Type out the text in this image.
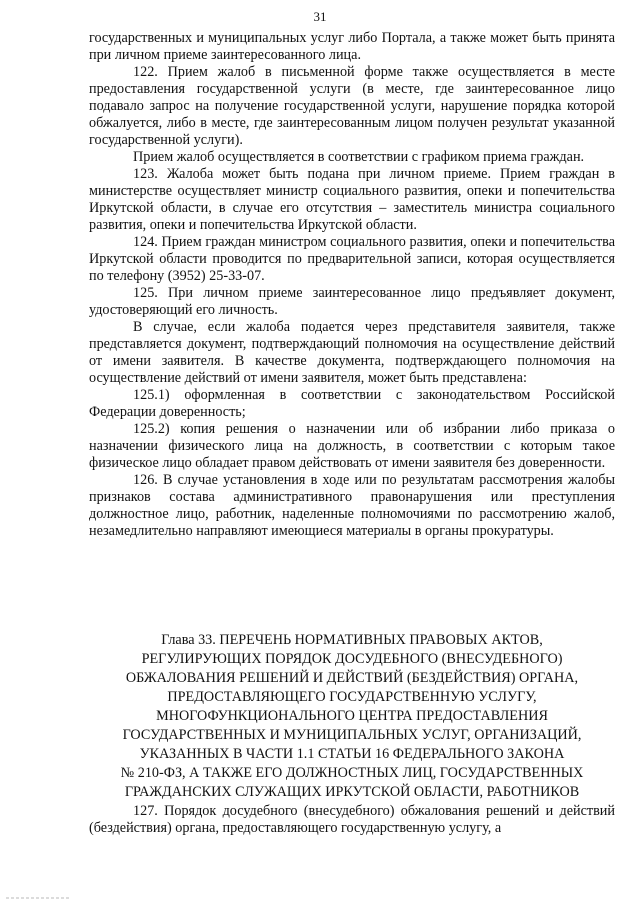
31

государственных и муниципальных услуг либо Портала, а также может быть принята при личном приеме заинтересованного лица.

122. Прием жалоб в письменной форме также осуществляется в месте предоставления государственной услуги (в месте, где заинтересованное лицо подавало запрос на получение государственной услуги, нарушение порядка которой обжалуется, либо в месте, где заинтересованным лицом получен результат указанной государственной услуги).

Прием жалоб осуществляется в соответствии с графиком приема граждан.

123. Жалоба может быть подана при личном приеме. Прием граждан в министерстве осуществляет министр социального развития, опеки и попечительства Иркутской области, в случае его отсутствия – заместитель министра социального развития, опеки и попечительства Иркутской области.

124. Прием граждан министром социального развития, опеки и попечительства Иркутской области проводится по предварительной записи, которая осуществляется по телефону (3952) 25-33-07.

125. При личном приеме заинтересованное лицо предъявляет документ, удостоверяющий его личность.

В случае, если жалоба подается через представителя заявителя, также представляется документ, подтверждающий полномочия на осуществление действий от имени заявителя. В качестве документа, подтверждающего полномочия на осуществление действий от имени заявителя, может быть представлена:

125.1) оформленная в соответствии с законодательством Российской Федерации доверенность;

125.2) копия решения о назначении или об избрании либо приказа о назначении физического лица на должность, в соответствии с которым такое физическое лицо обладает правом действовать от имени заявителя без доверенности.

126. В случае установления в ходе или по результатам рассмотрения жалобы признаков состава административного правонарушения или преступления должностное лицо, работник, наделенные полномочиями по рассмотрению жалоб, незамедлительно направляют имеющиеся материалы в органы прокуратуры.

Глава 33. ПЕРЕЧЕНЬ НОРМАТИВНЫХ ПРАВОВЫХ АКТОВ,
РЕГУЛИРУЮЩИХ ПОРЯДОК ДОСУДЕБНОГО (ВНЕСУДЕБНОГО)
ОБЖАЛОВАНИЯ РЕШЕНИЙ И ДЕЙСТВИЙ (БЕЗДЕЙСТВИЯ) ОРГАНА,
ПРЕДОСТАВЛЯЮЩЕГО ГОСУДАРСТВЕННУЮ УСЛУГУ,
МНОГОФУНКЦИОНАЛЬНОГО ЦЕНТРА ПРЕДОСТАВЛЕНИЯ
ГОСУДАРСТВЕННЫХ И МУНИЦИПАЛЬНЫХ УСЛУГ, ОРГАНИЗАЦИЙ,
УКАЗАННЫХ В ЧАСТИ 1.1 СТАТЬИ 16 ФЕДЕРАЛЬНОГО ЗАКОНА
№ 210-ФЗ, А ТАКЖЕ ЕГО ДОЛЖНОСТНЫХ ЛИЦ, ГОСУДАРСТВЕННЫХ
ГРАЖДАНСКИХ СЛУЖАЩИХ ИРКУТСКОЙ ОБЛАСТИ, РАБОТНИКОВ

127. Порядок досудебного (внесудебного) обжалования решений и действий (бездействия) органа, предоставляющего государственную услугу, а
